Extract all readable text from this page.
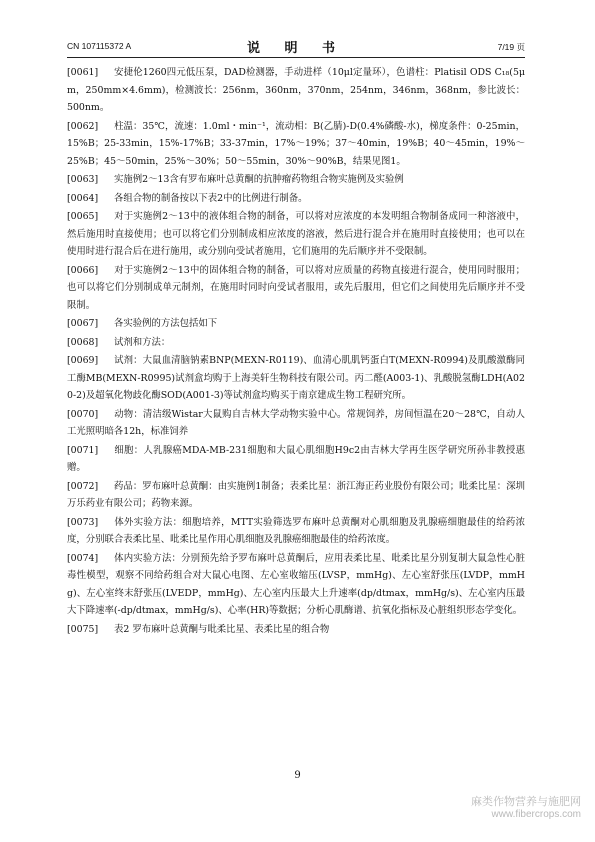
CN 107115372 A	说 明 书	7/19 页

[0061] 安捷伦1260四元低压泵，DAD检测器，手动进样（10μl定量环），色谱柱：Platisil ODS C₁₈(5μm，250mm×4.6mm)，检测波长：256nm，360nm，370nm，254nm，346nm，368nm，参比波长：500nm。

[0062] 柱温：35℃，流速：1.0ml・min⁻¹，流动相：B(乙腈)-D(0.4%磷酸-水)，梯度条件：0-25min，15%B；25-33min，15%-17%B；33-37min，17%～19%；37～40min，19%B；40～45min，19%～25%B；45～50min，25%～30%；50～55min，30%～90%B，结果见图1。

[0063] 实施例2～13含有罗布麻叶总黄酮的抗肿瘤药物组合物实施例及实验例

[0064] 各组合物的制备按以下表2中的比例进行制备。

[0065] 对于实施例2～13中的液体组合物的制备，可以将对应浓度的本发明组合物制备成同一种溶液中，然后施用时直接使用；也可以将它们分别制成相应浓度的溶液，然后进行混合并在施用时直接使用；也可以在使用时进行混合后在进行施用，或分别向受试者施用，它们施用的先后顺序并不受限制。

[0066] 对于实施例2～13中的固体组合物的制备，可以将对应质量的药物直接进行混合，使用同时服用；也可以将它们分别制成单元制剂，在施用时同时向受试者服用，或先后服用，但它们之间使用先后顺序并不受限制。

[0067] 各实验例的方法包括如下

[0068] 试剂和方法：

[0069] 试剂：大鼠血清脑钠素BNP(MEXN-R0119)、血清心肌肌钙蛋白T(MEXN-R0994)及肌酸激酶同工酶MB(MEXN-R0995)试剂盒均购于上海美轩生物科技有限公司。丙二醛(A003-1)、乳酸脱氢酶LDH(A020-2)及超氧化物歧化酶SOD(A001-3)等试剂盒均购买于南京建成生物工程研究所。

[0070] 动物：清洁级Wistar大鼠购自吉林大学动物实验中心。常规饲养，房间恒温在20～28℃，自动人工光照明暗各12h，标准饲养

[0071] 细胞：人乳腺癌MDA-MB-231细胞和大鼠心肌细胞H9c2由吉林大学再生医学研究所孙非教授惠赠。

[0072] 药品：罗布麻叶总黄酮：由实施例1制备；表柔比星：浙江海正药业股份有限公司；吡柔比星：深圳万乐药业有限公司；药物来源。

[0073] 体外实验方法：细胞培养，MTT实验筛选罗布麻叶总黄酮对心肌细胞及乳腺癌细胞最佳的给药浓度，分别联合表柔比星、吡柔比星作用心肌细胞及乳腺癌细胞最佳的给药浓度。

[0074] 体内实验方法：分别预先给予罗布麻叶总黄酮后，应用表柔比星、吡柔比星分别复制大鼠急性心脏毒性模型，观察不同给药组合对大鼠心电图、左心室收缩压(LVSP，mmHg)、左心室舒张压(LVDP，mmHg)、左心室终末舒张压(LVEDP，mmHg)、左心室内压最大上升速率(dp/dtmax，mmHg/s)、左心室内压最大下降速率(-dp/dtmax，mmHg/s)、心率(HR)等数据；分析心肌酶谱、抗氧化指标及心脏组织形态学变化。

[0075] 表2 罗布麻叶总黄酮与吡柔比星、表柔比星的组合物

9
麻类作物营养与施肥网
www.fibercrops.com
